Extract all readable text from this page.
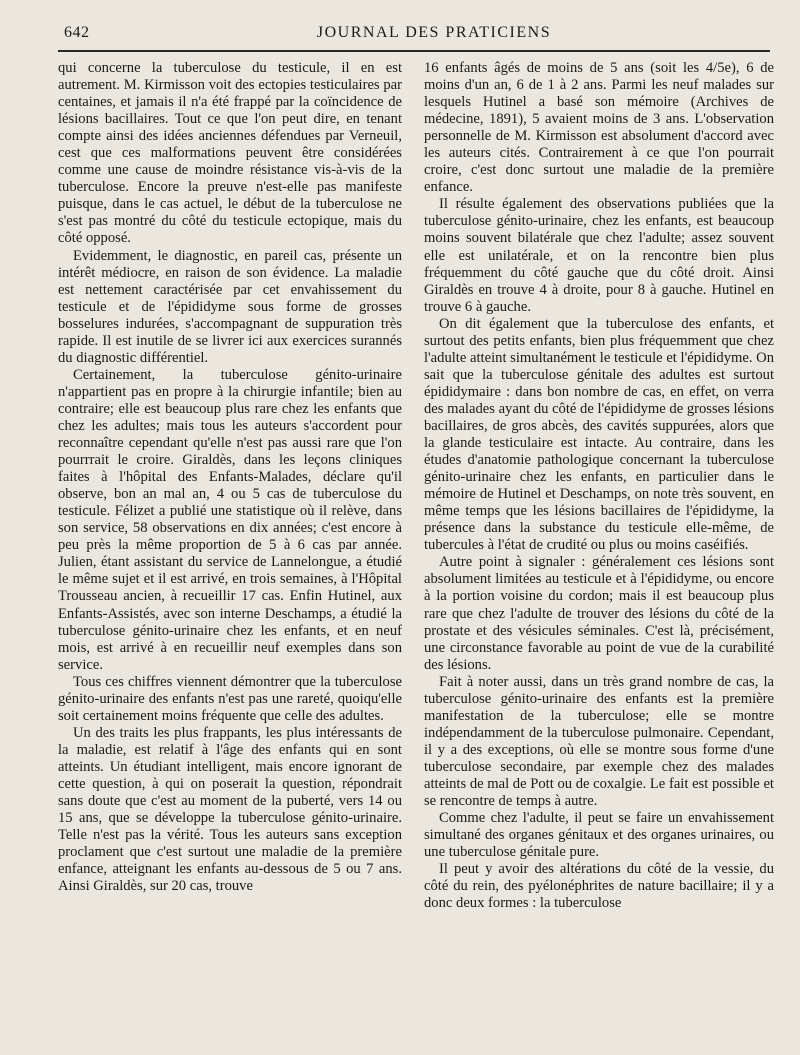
642	JOURNAL DES PRATICIENS

qui concerne la tuberculose du testicule, il en est autrement. M. Kirmisson voit des ectopies testiculaires par centaines, et jamais il n'a été frappé par la coïncidence de lésions bacillaires. Tout ce que l'on peut dire, en tenant compte ainsi des idées anciennes défendues par Verneuil, cest que ces malformations peuvent être considérées comme une cause de moindre résistance vis-à-vis de la tuberculose. Encore la preuve n'est-elle pas manifeste puisque, dans le cas actuel, le début de la tuberculose ne s'est pas montré du côté du testicule ectopique, mais du côté opposé.

Evidemment, le diagnostic, en pareil cas, présente un intérêt médiocre, en raison de son évidence. La maladie est nettement caractérisée par cet envahissement du testicule et de l'épididyme sous forme de grosses bosselures indurées, s'accompagnant de suppuration très rapide. Il est inutile de se livrer ici aux exercices surannés du diagnostic différentiel.

Certainement, la tuberculose génito-urinaire n'appartient pas en propre à la chirurgie infantile; bien au contraire; elle est beaucoup plus rare chez les enfants que chez les adultes; mais tous les auteurs s'accordent pour reconnaître cependant qu'elle n'est pas aussi rare que l'on pourrrait le croire. Giraldès, dans les leçons cliniques faites à l'hôpital des Enfants-Malades, déclare qu'il observe, bon an mal an, 4 ou 5 cas de tuberculose du testicule. Félizet a publié une statistique où il relève, dans son service, 58 observations en dix années; c'est encore à peu près la même proportion de 5 à 6 cas par année. Julien, étant assistant du service de Lannelongue, a étudié le même sujet et il est arrivé, en trois semaines, à l'Hôpital Trousseau ancien, à recueillir 17 cas. Enfin Hutinel, aux Enfants-Assistés, avec son interne Deschamps, a étudié la tuberculose génito-urinaire chez les enfants, et en neuf mois, est arrivé à en recueillir neuf exemples dans son service.

Tous ces chiffres viennent démontrer que la tuberculose génito-urinaire des enfants n'est pas une rareté, quoiqu'elle soit certainement moins fréquente que celle des adultes.

Un des traits les plus frappants, les plus intéressants de la maladie, est relatif à l'âge des enfants qui en sont atteints. Un étudiant intelligent, mais encore ignorant de cette question, à qui on poserait la question, répondrait sans doute que c'est au moment de la puberté, vers 14 ou 15 ans, que se développe la tuberculose génito-urinaire. Telle n'est pas la vérité. Tous les auteurs sans exception proclament que c'est surtout une maladie de la première enfance, atteignant les enfants au-dessous de 5 ou 7 ans. Ainsi Giraldès, sur 20 cas, trouve

16 enfants âgés de moins de 5 ans (soit les 4/5e), 6 de moins d'un an, 6 de 1 à 2 ans. Parmi les neuf malades sur lesquels Hutinel a basé son mémoire (Archives de médecine, 1891), 5 avaient moins de 3 ans. L'observation personnelle de M. Kirmisson est absolument d'accord avec les auteurs cités. Contrairement à ce que l'on pourrait croire, c'est donc surtout une maladie de la première enfance.

Il résulte également des observations publiées que la tuberculose génito-urinaire, chez les enfants, est beaucoup moins souvent bilatérale que chez l'adulte; assez souvent elle est unilatérale, et on la rencontre bien plus fréquemment du côté gauche que du côté droit. Ainsi Giraldès en trouve 4 à droite, pour 8 à gauche. Hutinel en trouve 6 à gauche.

On dit également que la tuberculose des enfants, et surtout des petits enfants, bien plus fréquemment que chez l'adulte atteint simultanément le testicule et l'épididyme. On sait que la tuberculose génitale des adultes est surtout épididymaire : dans bon nombre de cas, en effet, on verra des malades ayant du côté de l'épididyme de grosses lésions bacillaires, de gros abcès, des cavités suppurées, alors que la glande testiculaire est intacte. Au contraire, dans les études d'anatomie pathologique concernant la tuberculose génito-urinaire chez les enfants, en particulier dans le mémoire de Hutinel et Deschamps, on note très souvent, en même temps que les lésions bacillaires de l'épididyme, la présence dans la substance du testicule elle-même, de tubercules à l'état de crudité ou plus ou moins caséifiés.

Autre point à signaler : généralement ces lésions sont absolument limitées au testicule et à l'épididyme, ou encore à la portion voisine du cordon; mais il est beaucoup plus rare que chez l'adulte de trouver des lésions du côté de la prostate et des vésicules séminales. C'est là, précisément, une circonstance favorable au point de vue de la curabilité des lésions.

Fait à noter aussi, dans un très grand nombre de cas, la tuberculose génito-urinaire des enfants est la première manifestation de la tuberculose; elle se montre indépendamment de la tuberculose pulmonaire. Cependant, il y a des exceptions, où elle se montre sous forme d'une tuberculose secondaire, par exemple chez des malades atteints de mal de Pott ou de coxalgie. Le fait est possible et se rencontre de temps à autre.

Comme chez l'adulte, il peut se faire un envahissement simultané des organes génitaux et des organes urinaires, ou une tuberculose génitale pure.

Il peut y avoir des altérations du côté de la vessie, du côté du rein, des pyélonéphrites de nature bacillaire; il y a donc deux formes : la tuberculose
